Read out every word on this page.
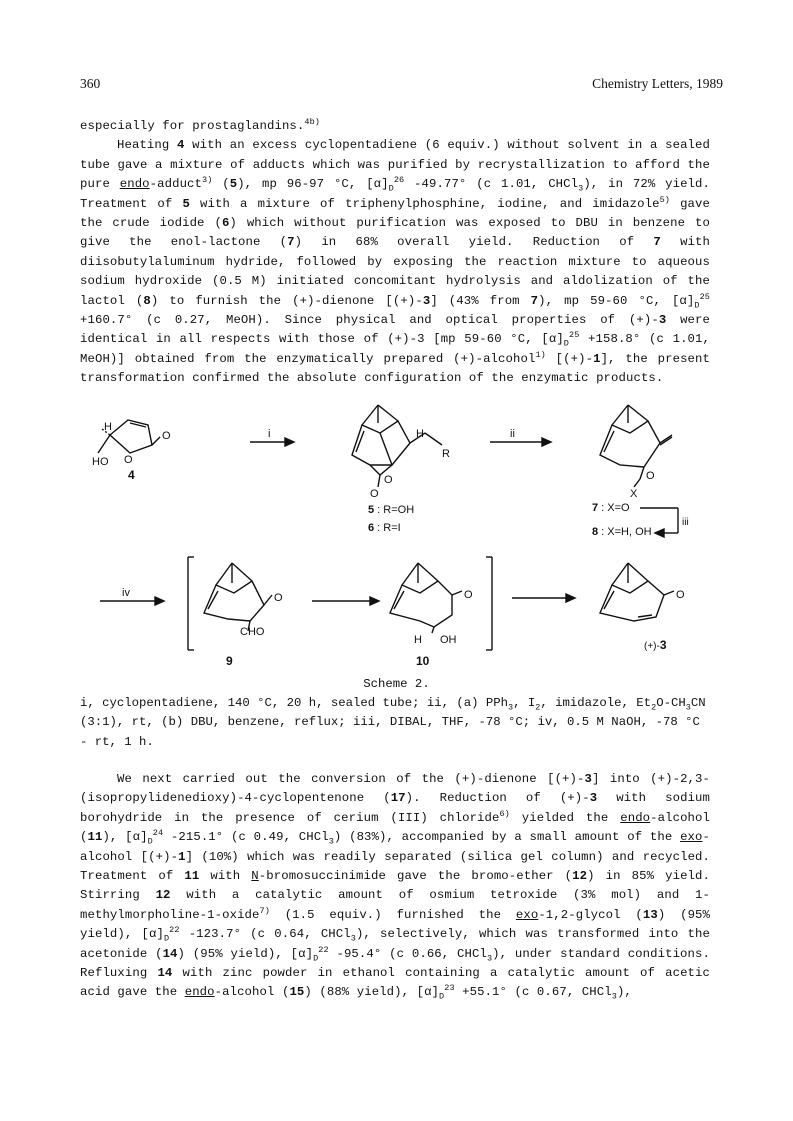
360	Chemistry Letters, 1989

especially for prostaglandins.$^{4b)}$

Heating 4 with an excess cyclopentadiene (6 equiv.) without solvent in a sealed tube gave a mixture of adducts which was purified by recrystallization to afford the pure endo-adduct$^{3)}$ (5), mp 96-97 °C, $[\alpha]_D^{26}$ -49.77° (c 1.01, CHCl$_3$), in 72% yield. Treatment of 5 with a mixture of triphenylphosphine, iodine, and imidazole$^{5)}$ gave the crude iodide (6) which without purification was exposed to DBU in benzene to give the enol-lactone (7) in 68% overall yield. Reduction of 7 with diisobutylaluminum hydride, followed by exposing the reaction mixture to aqueous sodium hydroxide (0.5 M) initiated concomitant hydrolysis and aldolization of the lactol (8) to furnish the (+)-dienone [(+)-3] (43% from 7), mp 59-60 °C, $[\alpha]_D^{25} +160.7^\circ$ (c 0.27, MeOH). Since physical and optical properties of (+)-3 were identical in all respects with those of (+)-3 [mp 59-60 °C, $[\alpha]_D^{25} +158.8^\circ$ (c 1.01, MeOH)] obtained from the enzymatically prepared (+)-alcohol$^{1)}$ [(+)-1], the present transformation confirmed the absolute configuration of the enzymatic products.

H
O
O
HO
4
i	H
R
O
O
5 : R=OH
6 : R=I
ii
O
X
7 : X=O
8 : X=H, OH
iii
iv	O
CHO
9
O
H OH
10
O
(+)-3
Scheme 2.
i, cyclopentadiene, 140 °C, 20 h, sealed tube; ii, (a) PPh$_3$, $I_2$, imidazole, $Et_2O-CH_3CN$ (3:1), rt, (b) DBU, benzene, reflux; iii, DIBAL, THF, -78 °C; iv, 0.5 M NaOH, -78 °C - rt, 1 h.

We next carried out the conversion of the (+)-dienone [(+)-3] into (+)-2,3-(isopropylidenedioxy)-4-cyclopentenone (17). Reduction of (+)-3 with sodium borohydride in the presence of cerium (III) chloride$^{6)}$ yielded the endo-alcohol (11), $[\alpha]_D^{24}$ -215.1° (c 0.49, CHCl$_3$) (83%), accompanied by a small amount of the exo-alcohol [(+)-1] (10%) which was readily separated (silica gel column) and recycled. Treatment of 11 with N-bromosuccinimide gave the bromo-ether (12) in 85% yield. Stirring 12 with a catalytic amount of osmium tetroxide (3% mol) and 1-methylmorpholine-1-oxide$^{7)}$ (1.5 equiv.) furnished the exo-1,2-glycol (13) (95% yield), $[\alpha]_D^{22}$ -123.7° (c 0.64, CHCl$_3$), selectively, which was transformed into the acetonide (14) (95% yield), $[\alpha]_D^{22}$ -95.4° (c 0.66, CHCl$_3$), under standard conditions. Refluxing 14 with zinc powder in ethanol containing a catalytic amount of acetic acid gave the endo-alcohol (15) (88% yield), $[\alpha]_D^{23} +55.1^\circ$ (c 0.67, CHCl$_3$),
